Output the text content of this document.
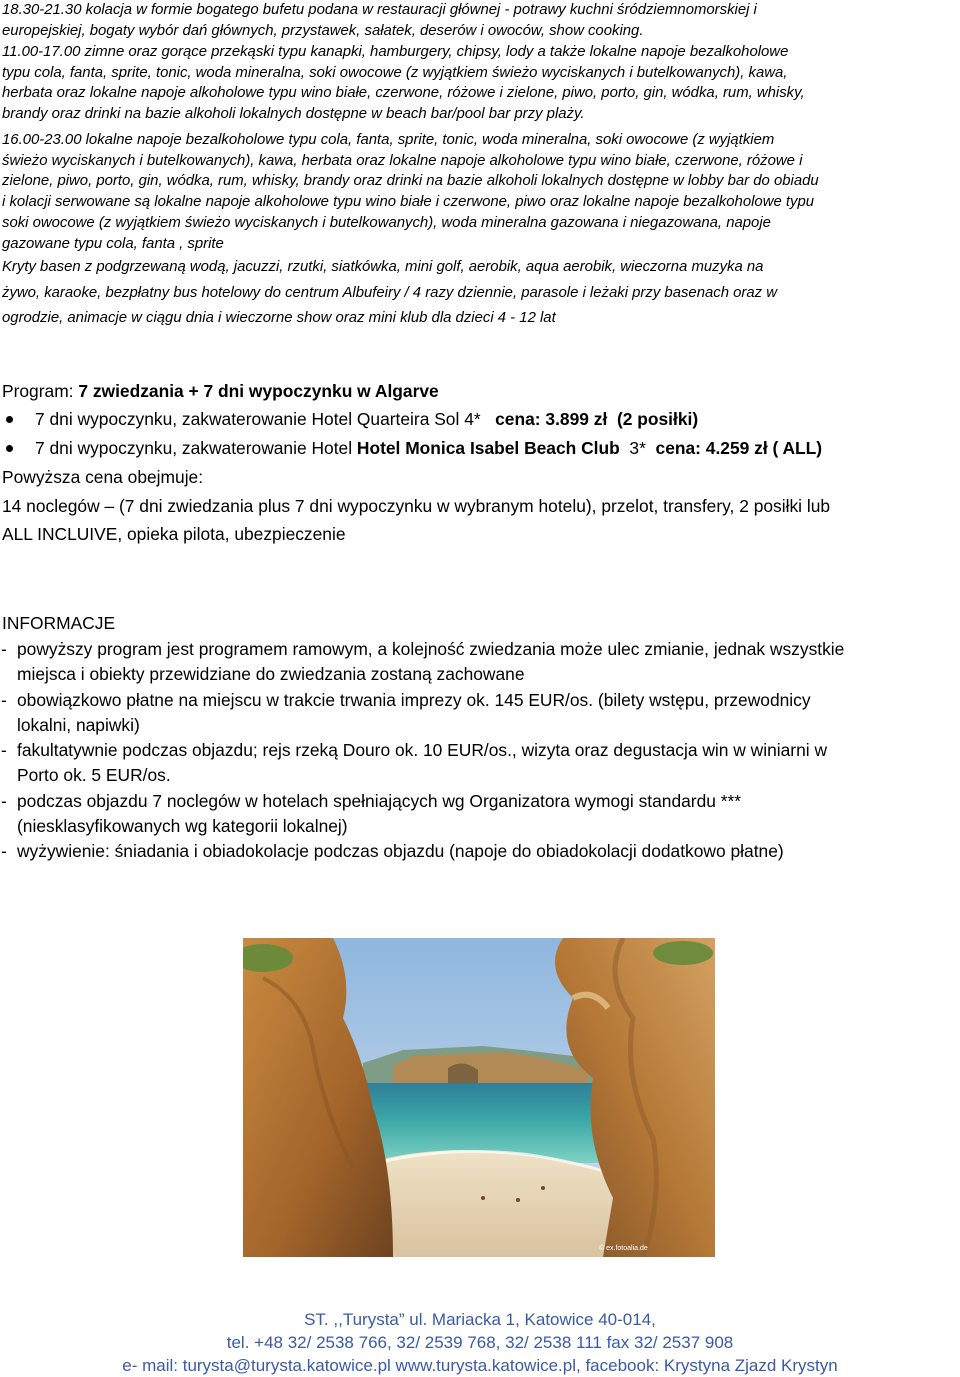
18.30-21.30 kolacja w formie bogatego bufetu podana w restauracji głównej - potrawy kuchni śródziemnomorskiej i
europejskiej, bogaty wybór dań głównych, przystawek, sałatek, deserów i owoców, show cooking.
11.00-17.00 zimne oraz gorące przekąski typu kanapki, hamburgery, chipsy, lody a także lokalne napoje bezalkoholowe
typu cola, fanta, sprite, tonic, woda mineralna, soki owocowe (z wyjątkiem świeżo wyciskanych i butelkowanych), kawa,
herbata oraz lokalne napoje alkoholowe typu wino białe, czerwone, różowe i zielone, piwo, porto, gin, wódka, rum, whisky,
brandy oraz drinki na bazie alkoholi lokalnych dostępne w beach bar/pool bar przy plaży.
16.00-23.00 lokalne napoje bezalkoholowe typu cola, fanta, sprite, tonic, woda mineralna, soki owocowe (z wyjątkiem
świeżo wyciskanych i butelkowanych), kawa, herbata oraz lokalne napoje alkoholowe typu wino białe, czerwone, różowe i
zielone, piwo, porto, gin, wódka, rum, whisky, brandy oraz drinki na bazie alkoholi lokalnych dostępne w lobby bar do obiadu
i kolacji serwowane są lokalne napoje alkoholowe typu wino białe i czerwone, piwo oraz lokalne napoje bezalkoholowe typu
soki owocowe (z wyjątkiem świeżo wyciskanych i butelkowanych), woda mineralna gazowana i niegazowana, napoje
gazowane typu cola, fanta , sprite
Kryty basen z podgrzewaną wodą, jacuzzi, rzutki, siatkówka, mini golf, aerobik, aqua aerobik, wieczorna muzyka na
żywo, karaoke, bezpłatny bus hotelowy do centrum Albufeiry / 4 razy dziennie, parasole i leżaki przy basenach oraz w
ogrodzie, animacje w ciągu dnia i wieczorne show oraz mini klub dla dzieci 4 - 12 lat
Program: 7 zwiedzania + 7 dni wypoczynku w Algarve
7 dni wypoczynku, zakwaterowanie Hotel Quarteira Sol 4*   cena: 3.899 zł  (2 posiłki)
7 dni wypoczynku, zakwaterowanie Hotel Hotel Monica Isabel Beach Club  3*  cena: 4.259 zł ( ALL)
Powyższa cena obejmuje:
14 noclegów – (7 dni zwiedzania plus 7 dni wypoczynku w wybranym hotelu), przelot, transfery, 2 posiłki lub
ALL INCLUIVE, opieka pilota, ubezpieczenie
INFORMACJE
- powyższy program jest programem ramowym, a kolejność zwiedzania może ulec zmianie, jednak wszystkie
miejsca i obiekty przewidziane do zwiedzania zostaną zachowane
- obowiązkowo płatne na miejscu w trakcie trwania imprezy ok. 145 EUR/os. (bilety wstępu, przewodnicy
lokalni, napiwki)
- fakultatywnie podczas objazdu; rejs rzeką Douro ok. 10 EUR/os., wizyta oraz degustacja win w winiarni w
Porto ok. 5 EUR/os.
- podczas objazdu 7 noclegów w hotelach spełniających wg Organizatora wymogi standardu ***
(niesklasyfikowanych wg kategorii lokalnej)
- wyżywienie: śniadania i obiadokolacje podczas objazdu (napoje do obiadokolacji dodatkowo płatne)
© ex.fotoalia.de
ST. ,,Turysta” ul. Mariacka 1, Katowice 40-014,
tel. +48 32/ 2538 766, 32/ 2539 768, 32/ 2538 111 fax 32/ 2537 908
e- mail: turysta@turysta.katowice.pl www.turysta.katowice.pl, facebook: Krystyna Zjazd Krystyn
